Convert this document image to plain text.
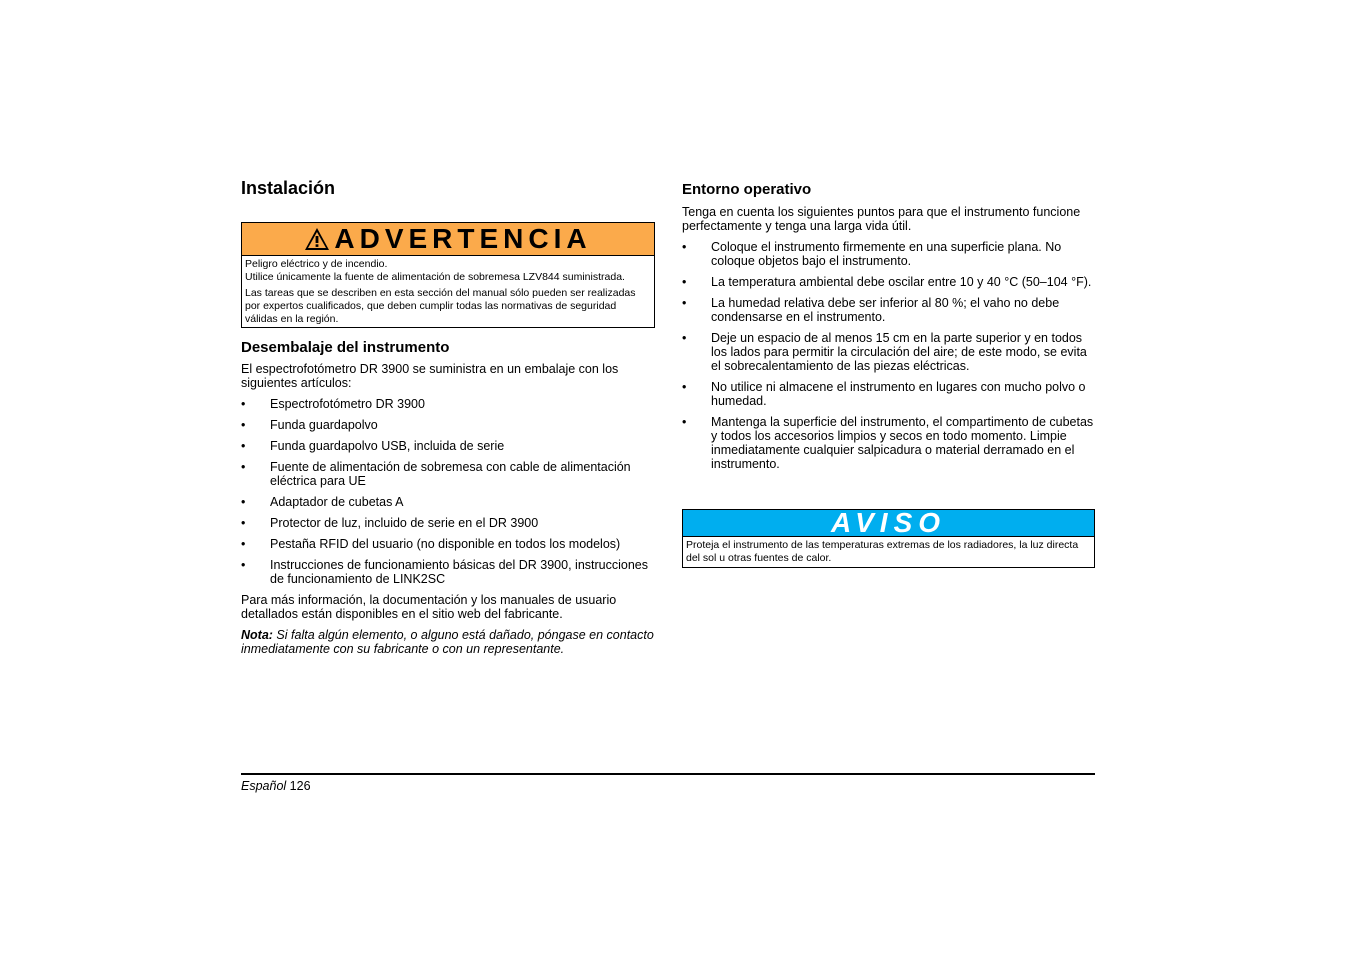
Instalación
ADVERTENCIA

Peligro eléctrico y de incendio.

Utilice únicamente la fuente de alimentación de sobremesa LZV844 suministrada.

Las tareas que se describen en esta sección del manual sólo pueden ser realizadas por expertos cualificados, que deben cumplir todas las normativas de seguridad válidas en la región.

Desembalaje del instrumento

El espectrofotómetro DR 3900 se suministra en un embalaje con los siguientes artículos:

• Espectrofotómetro DR 3900
• Funda guardapolvo
• Funda guardapolvo USB, incluida de serie
• Fuente de alimentación de sobremesa con cable de alimentación eléctrica para UE
• Adaptador de cubetas A
• Protector de luz, incluido de serie en el DR 3900
• Pestaña RFID del usuario (no disponible en todos los modelos)
• Instrucciones de funcionamiento básicas del DR 3900, instrucciones de funcionamiento de LINK2SC

Para más información, la documentación y los manuales de usuario detallados están disponibles en el sitio web del fabricante.

Nota: Si falta algún elemento, o alguno está dañado, póngase en contacto inmediatamente con su fabricante o con un representante.

Entorno operativo

Tenga en cuenta los siguientes puntos para que el instrumento funcione perfectamente y tenga una larga vida útil.

• Coloque el instrumento firmemente en una superficie plana. No coloque objetos bajo el instrumento.
• La temperatura ambiental debe oscilar entre 10 y 40 °C (50–104 °F).
• La humedad relativa debe ser inferior al 80 %; el vaho no debe condensarse en el instrumento.
• Deje un espacio de al menos 15 cm en la parte superior y en todos los lados para permitir la circulación del aire; de este modo, se evita el sobrecalentamiento de las piezas eléctricas.
• No utilice ni almacene el instrumento en lugares con mucho polvo o humedad.
• Mantenga la superficie del instrumento, el compartimento de cubetas y todos los accesorios limpios y secos en todo momento. Limpie inmediatamente cualquier salpicadura o material derramado en el instrumento.
AVISO

Proteja el instrumento de las temperaturas extremas de los radiadores, la luz directa del sol u otras fuentes de calor.

Español 126
